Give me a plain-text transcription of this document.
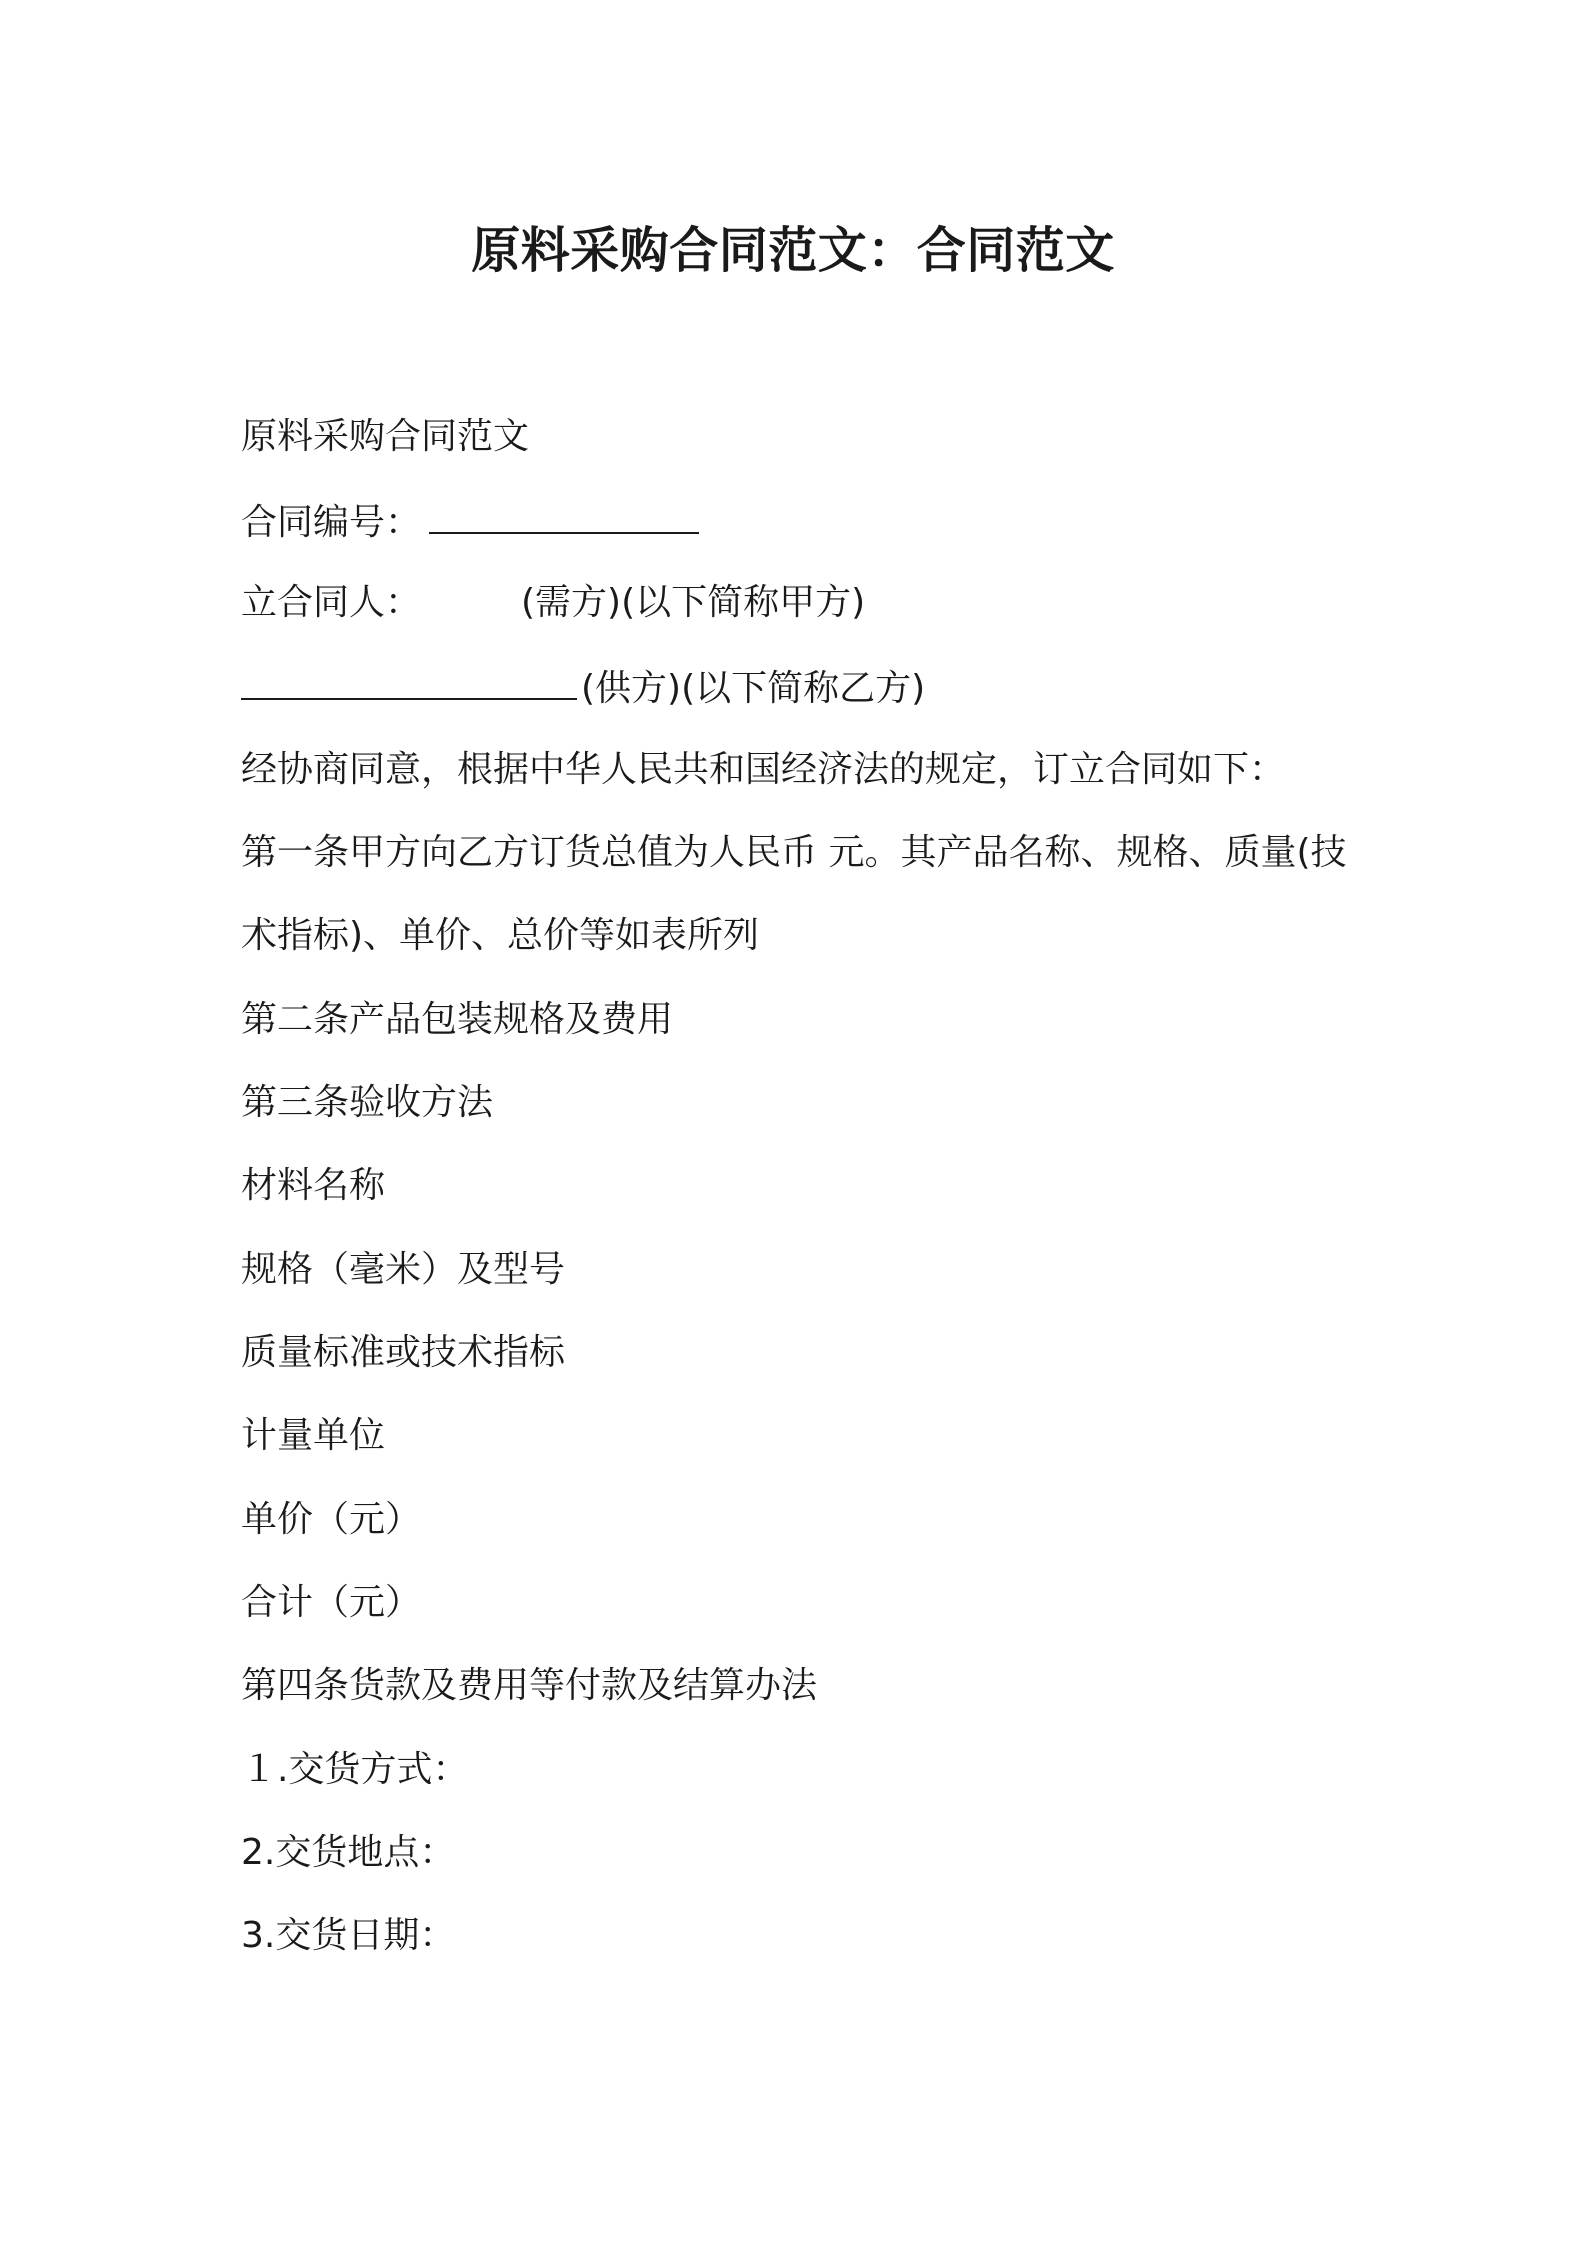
原料采购合同范文：合同范文

原料采购合同范文

合同编号：

立合同人：	(需方)(以下简称甲方)

(供方)(以下简称乙方)

经协商同意，根据中华人民共和国经济法的规定，订立合同如下：

第一条甲方向乙方订货总值为人民币 元。其产品名称、规格、质量(技

术指标)、单价、总价等如表所列

第二条产品包装规格及费用

第三条验收方法

材料名称

规格（毫米）及型号

质量标准或技术指标

计量单位

单价（元）

合计（元）

第四条货款及费用等付款及结算办法

１.交货方式：

2.交货地点：

3.交货日期：
